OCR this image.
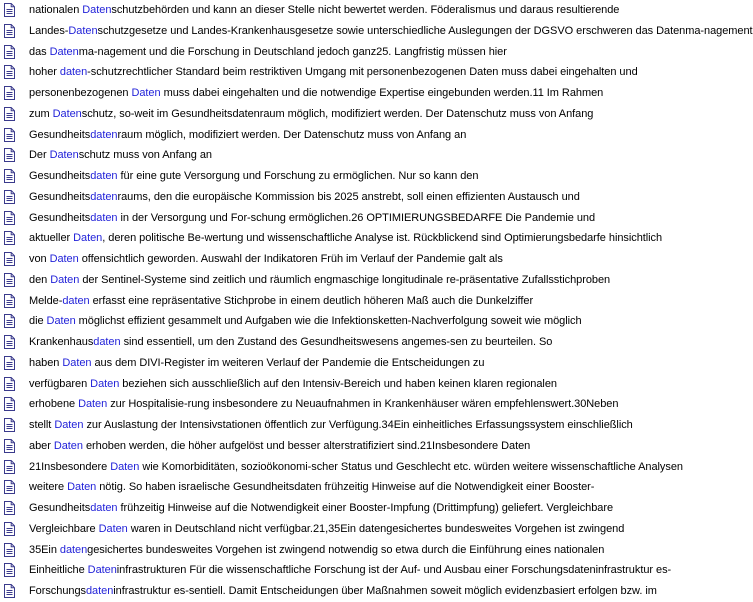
nationalen Datenschutzbehörden und kann an dieser Stelle nicht bewertet werden. Föderalismus und daraus resultierende
Landes-Datenschutzgesetze und Landes-Krankenhausgesetze sowie unterschiedliche Auslegungen der DGSVO erschweren das Datenma-nagement
das Datenma-nagement und die Forschung in Deutschland jedoch ganz25. Langfristig müssen hier
hoher daten-schutzrechtlicher Standard beim restriktiven Umgang mit personenbezogenen Daten muss dabei eingehalten und
personenbezogenen Daten muss dabei eingehalten und die notwendige Expertise eingebunden werden.11 Im Rahmen
zum Datenschutz, so-weit im Gesundheitsdatenraum möglich, modifiziert werden. Der Datenschutz muss von Anfang
Gesundheitsdatenraum möglich, modifiziert werden. Der Datenschutz muss von Anfang an
Der Datenschutz muss von Anfang an
Gesundheitsdaten für eine gute Versorgung und Forschung zu ermöglichen. Nur so kann den
Gesundheitsdatenraums, den die europäische Kommission bis 2025 anstrebt, soll einen effizienten Austausch und
Gesundheitsdaten in der Versorgung und For-schung ermöglichen.26 OPTIMIERUNGSBEDARFE Die Pandemie und
aktueller Daten, deren politische Be-wertung und wissenschaftliche Analyse ist. Rückblickend sind Optimierungsbedarfe hinsichtlich
von Daten offensichtlich geworden. Auswahl der Indikatoren Früh im Verlauf der Pandemie galt als
den Daten der Sentinel-Systeme sind zeitlich und räumlich engmaschige longitudinale re-präsentative Zufallsstichproben
Melde-daten erfasst eine repräsentative Stichprobe in einem deutlich höheren Maß auch die Dunkelziffer
die Daten möglichst effizient gesammelt und Aufgaben wie die Infektionsketten-Nachverfolgung soweit wie möglich
Krankenhausdaten sind essentiell, um den Zustand des Gesundheitswesens angemes-sen zu beurteilen. So
haben Daten aus dem DIVI-Register im weiteren Verlauf der Pandemie die Entscheidungen zu
verfügbaren Daten beziehen sich ausschließlich auf den Intensiv-Bereich und haben keinen klaren regionalen
erhobene Daten zur Hospitalisie-rung insbesondere zu Neuaufnahmen in Krankenhäuser wären empfehlenswert.30Neben
stellt Daten zur Auslastung der Intensivstationen öffentlich zur Verfügung.34Ein einheitliches Erfassungssystem einschließlich
aber Daten erhoben werden, die höher aufgelöst und besser alterstratifiziert sind.21Insbesondere Daten
21Insbesondere Daten wie Komorbiditäten, sozioökonomi-scher Status und Geschlecht etc. würden weitere wissenschaftliche Analysen
weitere Daten nötig. So haben israelische Gesundheitsdaten frühzeitig Hinweise auf die Notwendigkeit einer Booster-
Gesundheitsdaten frühzeitig Hinweise auf die Notwendigkeit einer Booster-Impfung (Drittimpfung) geliefert. Vergleichbare
Vergleichbare Daten waren in Deutschland nicht verfügbar.21,35Ein datengesichertes bundesweites Vorgehen ist zwingend
35Ein datengesichertes bundesweites Vorgehen ist zwingend notwendig so etwa durch die Einführung eines nationalen
Einheitliche Dateninfrastrukturen Für die wissenschaftliche Forschung ist der Auf- und Ausbau einer Forschungsdateninfrastruktur es-
Forschungsdateninfrastruktur es-sentiell. Damit Entscheidungen über Maßnahmen soweit möglich evidenzbasiert erfolgen bzw. im
